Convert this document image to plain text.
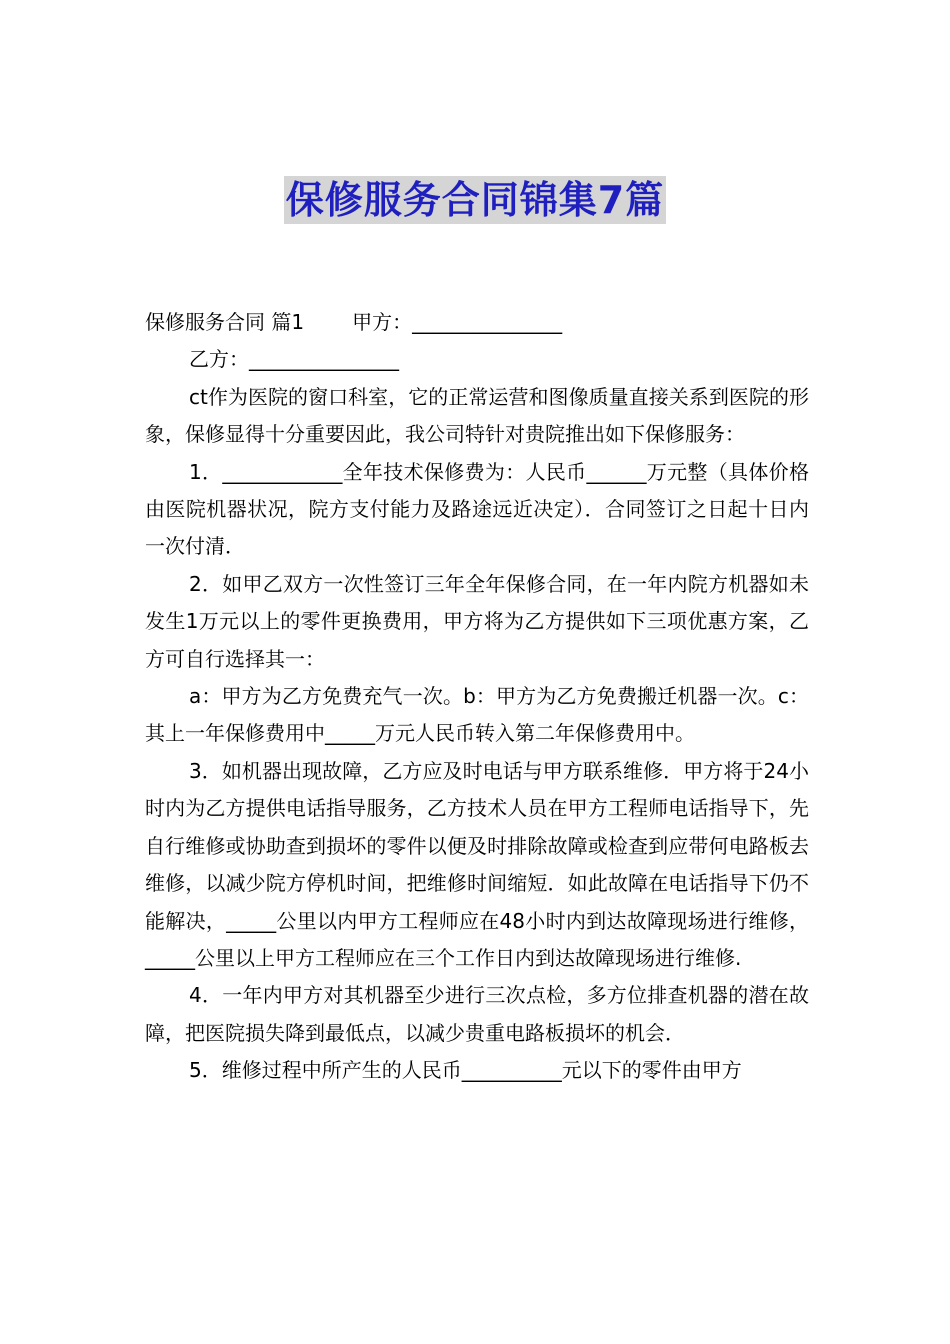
保修服务合同锦集7篇

保修服务合同 篇1 甲方：_______________

乙方：_______________

ct作为医院的窗口科室，它的正常运营和图像质量直接关系到医院的形象，保修显得十分重要因此，我公司特针对贵院推出如下保修服务：

1．____________全年技术保修费为：人民币______万元整（具体价格由医院机器状况，院方支付能力及路途远近决定）．合同签订之日起十日内一次付清．

2．如甲乙双方一次性签订三年全年保修合同，在一年内院方机器如未发生1万元以上的零件更换费用，甲方将为乙方提供如下三项优惠方案，乙方可自行选择其一：

a：甲方为乙方免费充气一次。b：甲方为乙方免费搬迁机器一次。c：其上一年保修费用中_____万元人民币转入第二年保修费用中。

3．如机器出现故障，乙方应及时电话与甲方联系维修．甲方将于24小时内为乙方提供电话指导服务，乙方技术人员在甲方工程师电话指导下，先自行维修或协助查到损坏的零件以便及时排除故障或检查到应带何电路板去维修，以减少院方停机时间，把维修时间缩短．如此故障在电话指导下仍不能解决，_____公里以内甲方工程师应在48小时内到达故障现场进行维修，_____公里以上甲方工程师应在三个工作日内到达故障现场进行维修.

4．一年内甲方对其机器至少进行三次点检，多方位排查机器的潜在故障，把医院损失降到最低点，以减少贵重电路板损坏的机会．

5．维修过程中所产生的人民币__________元以下的零件由甲方
